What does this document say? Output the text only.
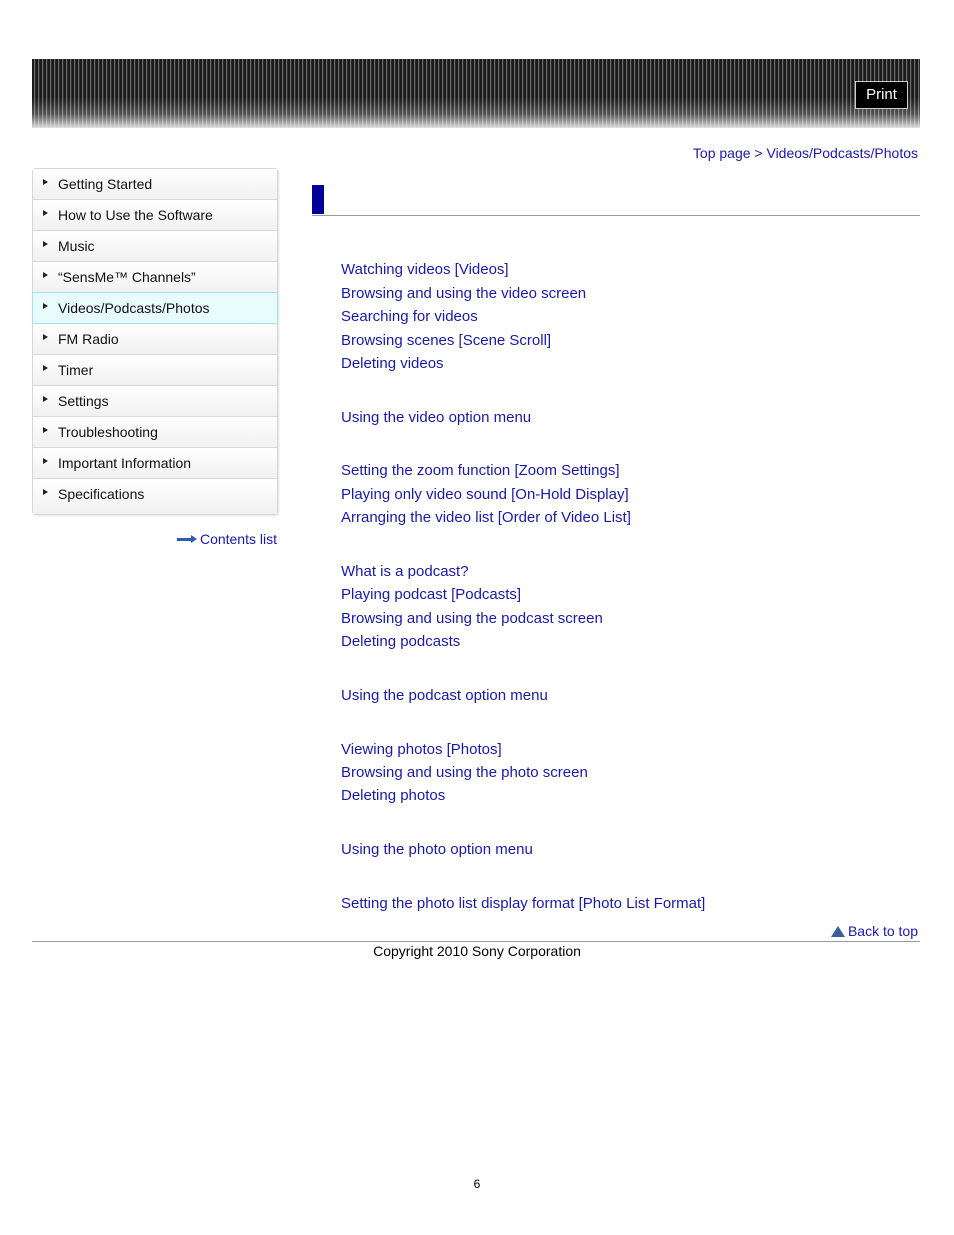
Print
Top page > Videos/Podcasts/Photos
Getting Started
How to Use the Software
Music
“SensMe™ Channels”
Videos/Podcasts/Photos
FM Radio
Timer
Settings
Troubleshooting
Important Information
Specifications
Contents list
Watching videos [Videos]
Browsing and using the video screen
Searching for videos
Browsing scenes [Scene Scroll]
Deleting videos
Using the video option menu
Setting the zoom function [Zoom Settings]
Playing only video sound [On-Hold Display]
Arranging the video list [Order of Video List]
What is a podcast?
Playing podcast [Podcasts]
Browsing and using the podcast screen
Deleting podcasts
Using the podcast option menu
Viewing photos [Photos]
Browsing and using the photo screen
Deleting photos
Using the photo option menu
Setting the photo list display format [Photo List Format]
Back to top
Copyright 2010 Sony Corporation
6
